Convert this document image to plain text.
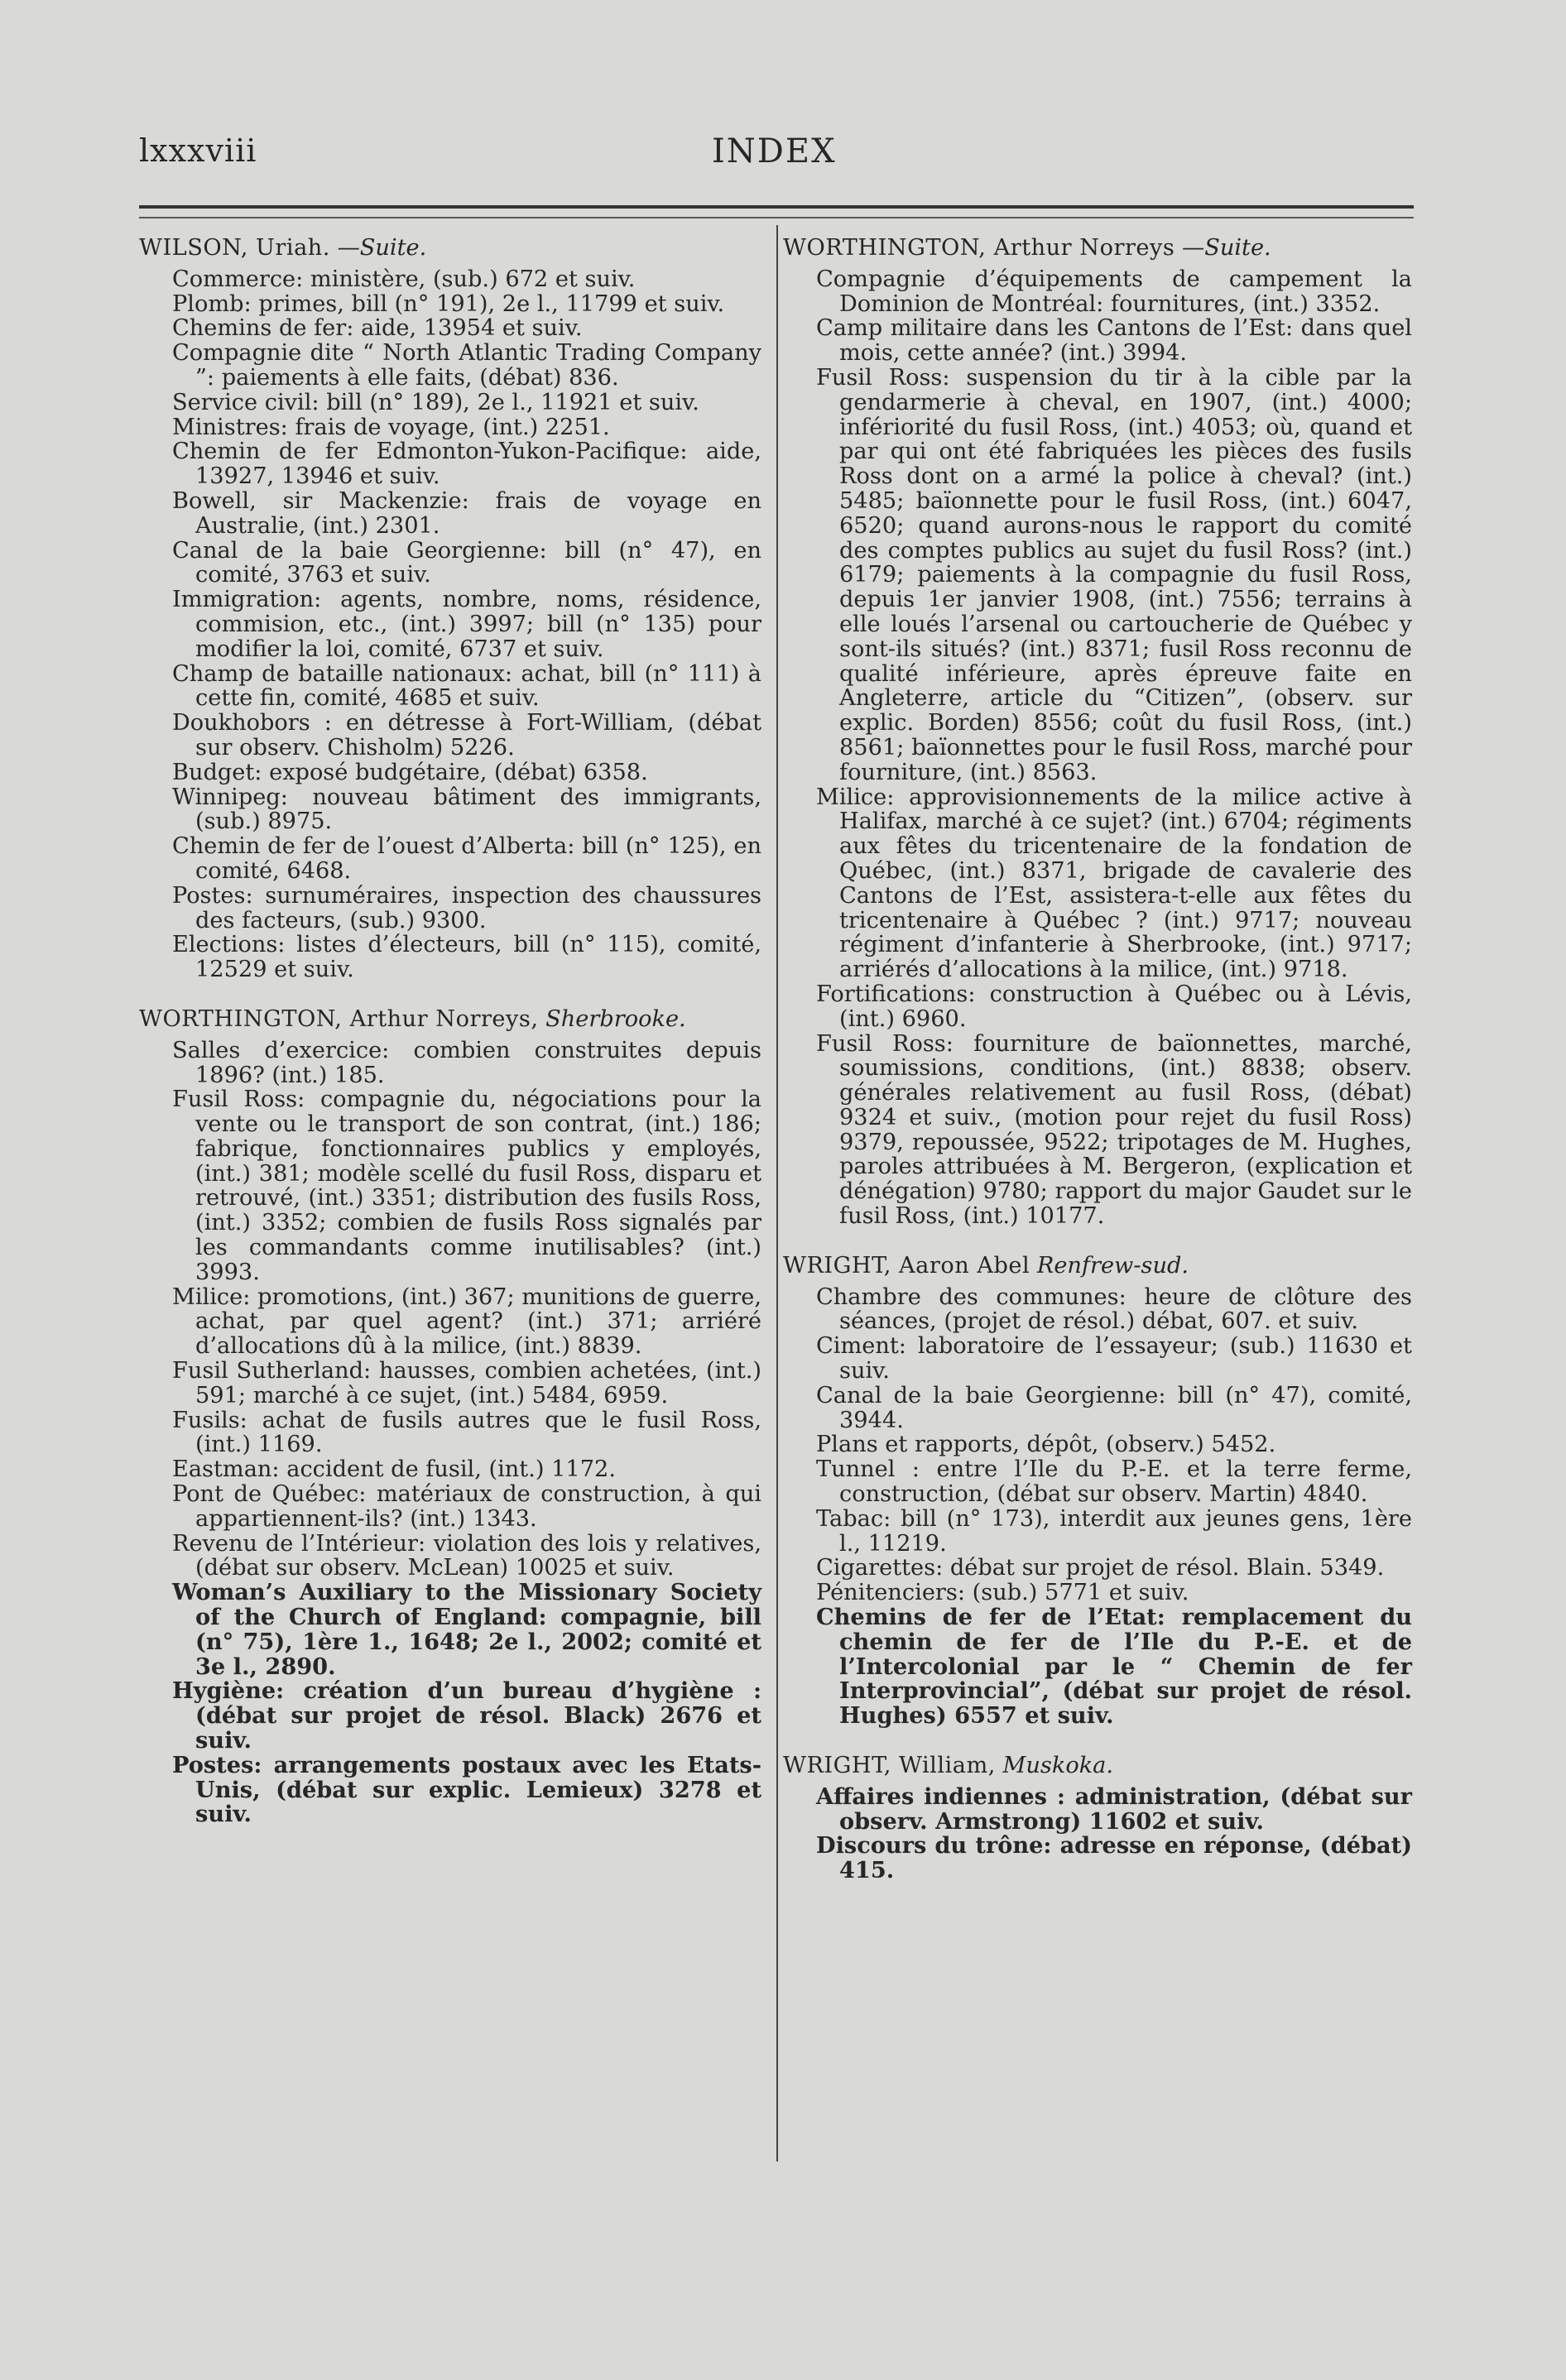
lxxxviii	INDEX

WILSON, Uriah. —Suite.

Commerce: ministère, (sub.) 672 et suiv.

Plomb: primes, bill (n° 191), 2e l., 11799 et suiv.

Chemins de fer: aide, 13954 et suiv.

Compagnie dite “ North Atlantic Trading Company ”: paiements à elle faits, (débat) 836.

Service civil: bill (n° 189), 2e l., 11921 et suiv.

Ministres: frais de voyage, (int.) 2251.

Chemin de fer Edmonton-Yukon-Pacifique: aide, 13927, 13946 et suiv.

Bowell, sir Mackenzie: frais de voyage en Australie, (int.) 2301.

Canal de la baie Georgienne: bill (n° 47), en comité, 3763 et suiv.

Immigration: agents, nombre, noms, résidence, commision, etc., (int.) 3997; bill (n° 135) pour modifier la loi, comité, 6737 et suiv.

Champ de bataille nationaux: achat, bill (n° 111) à cette fin, comité, 4685 et suiv.

Doukhobors : en détresse à Fort-William, (débat sur observ. Chisholm) 5226.

Budget: exposé budgétaire, (débat) 6358.

Winnipeg: nouveau bâtiment des immigrants, (sub.) 8975.

Chemin de fer de l’ouest d’Alberta: bill (n° 125), en comité, 6468.

Postes: surnuméraires, inspection des chaussures des facteurs, (sub.) 9300.

Elections: listes d’électeurs, bill (n° 115), comité, 12529 et suiv.

WORTHINGTON, Arthur Norreys, Sherbrooke.

Salles d’exercice: combien construites depuis 1896? (int.) 185.

Fusil Ross: compagnie du, négociations pour la vente ou le transport de son contrat, (int.) 186; fabrique, fonctionnaires publics y employés, (int.) 381; modèle scellé du fusil Ross, disparu et retrouvé, (int.) 3351; distribution des fusils Ross, (int.) 3352; combien de fusils Ross signalés par les commandants comme inutilisables? (int.) 3993.

Milice: promotions, (int.) 367; munitions de guerre, achat, par quel agent? (int.) 371; arriéré d’allocations dû à la milice, (int.) 8839.

Fusil Sutherland: hausses, combien achetées, (int.) 591; marché à ce sujet, (int.) 5484, 6959.

Fusils: achat de fusils autres que le fusil Ross, (int.) 1169.

Eastman: accident de fusil, (int.) 1172.

Pont de Québec: matériaux de construction, à qui appartiennent-ils? (int.) 1343.

Revenu de l’Intérieur: violation des lois y relatives, (débat sur observ. McLean) 10025 et suiv.

Woman’s Auxiliary to the Missionary Society of the Church of England: compagnie, bill (n° 75), 1ère 1., 1648; 2e l., 2002; comité et 3e l., 2890.

Hygiène: création d’un bureau d’hygiène : (débat sur projet de résol. Black) 2676 et suiv.

Postes: arrangements postaux avec les Etats-Unis, (débat sur explic. Lemieux) 3278 et suiv.

WORTHINGTON, Arthur Norreys —Suite.

Compagnie d’équipements de campement la Dominion de Montréal: fournitures, (int.) 3352.

Camp militaire dans les Cantons de l’Est: dans quel mois, cette année? (int.) 3994.

Fusil Ross: suspension du tir à la cible par la gendarmerie à cheval, en 1907, (int.) 4000; infériorité du fusil Ross, (int.) 4053; où, quand et par qui ont été fabriquées les pièces des fusils Ross dont on a armé la police à cheval? (int.) 5485; baïonnette pour le fusil Ross, (int.) 6047, 6520; quand aurons-nous le rapport du comité des comptes publics au sujet du fusil Ross? (int.) 6179; paiements à la compagnie du fusil Ross, depuis 1er janvier 1908, (int.) 7556; terrains à elle loués l’arsenal ou cartoucherie de Québec y sont-ils situés? (int.) 8371; fusil Ross reconnu de qualité inférieure, après épreuve faite en Angleterre, article du “Citizen”, (observ. sur explic. Borden) 8556; coût du fusil Ross, (int.) 8561; baïonnettes pour le fusil Ross, marché pour fourniture, (int.) 8563.

Milice: approvisionnements de la milice active à Halifax, marché à ce sujet? (int.) 6704; régiments aux fêtes du tricentenaire de la fondation de Québec, (int.) 8371, brigade de cavalerie des Cantons de l’Est, assistera-t-elle aux fêtes du tricentenaire à Québec ? (int.) 9717; nouveau régiment d’infanterie à Sherbrooke, (int.) 9717; arriérés d’allocations à la milice, (int.) 9718.

Fortifications: construction à Québec ou à Lévis, (int.) 6960.

Fusil Ross: fourniture de baïonnettes, marché, soumissions, conditions, (int.) 8838; observ. générales relativement au fusil Ross, (débat) 9324 et suiv., (motion pour rejet du fusil Ross) 9379, repoussée, 9522; tripotages de M. Hughes, paroles attribuées à M. Bergeron, (explication et dénégation) 9780; rapport du major Gaudet sur le fusil Ross, (int.) 10177.

WRIGHT, Aaron Abel Renfrew-sud.

Chambre des communes: heure de clôture des séances, (projet de résol.) débat, 607. et suiv.

Ciment: laboratoire de l’essayeur; (sub.) 11630 et suiv.

Canal de la baie Georgienne: bill (n° 47), comité, 3944.

Plans et rapports, dépôt, (observ.) 5452.

Tunnel : entre l’Ile du P.-E. et la terre ferme, construction, (débat sur observ. Martin) 4840.

Tabac: bill (n° 173), interdit aux jeunes gens, 1ère l., 11219.

Cigarettes: débat sur projet de résol. Blain. 5349.

Pénitenciers: (sub.) 5771 et suiv.

Chemins de fer de l’Etat: remplacement du chemin de fer de l’Ile du P.-E. et de l’Intercolonial par le “ Chemin de fer Interprovincial”, (débat sur projet de résol. Hughes) 6557 et suiv.

WRIGHT, William, Muskoka.

Affaires indiennes : administration, (débat sur observ. Armstrong) 11602 et suiv.

Discours du trône: adresse en réponse, (débat) 415.
